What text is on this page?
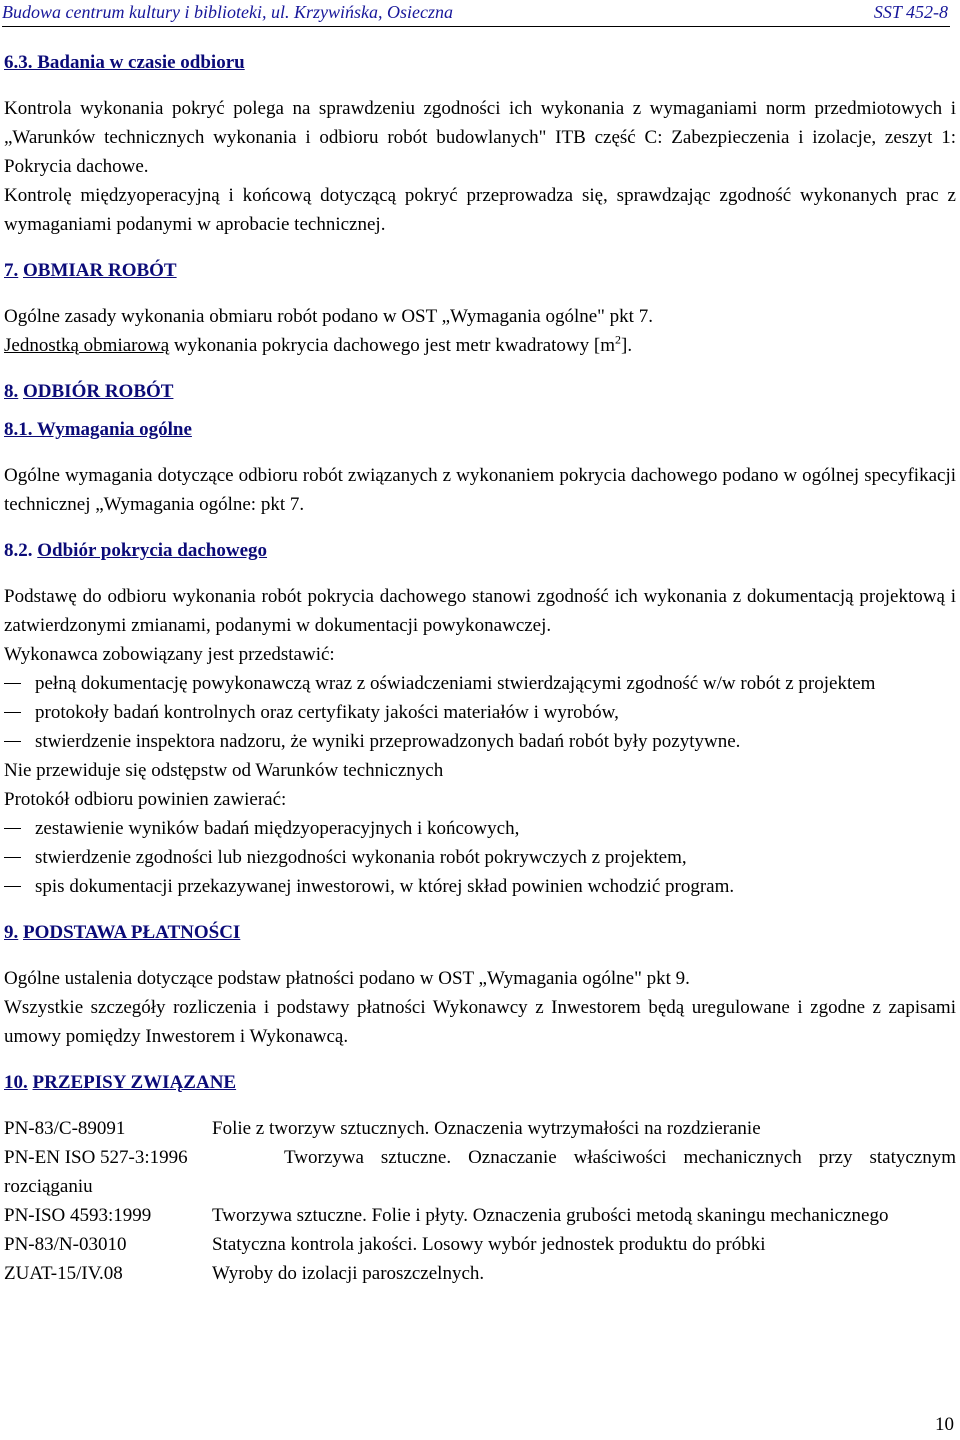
Budowa centrum kultury i biblioteki, ul. Krzywińska, Osieczna	SST 452-8

6.3. Badania w czasie odbioru

Kontrola wykonania pokryć polega na sprawdzeniu zgodności ich wykonania z wymaganiami norm przedmiotowych i „Warunków technicznych wykonania i odbioru robót budowlanych" ITB część C: Zabezpieczenia i izolacje, zeszyt 1: Pokrycia dachowe.

Kontrolę międzyoperacyjną i końcową dotyczącą pokryć przeprowadza się, sprawdzając zgodność wykonanych prac z wymaganiami podanymi w aprobacie technicznej.

7. OBMIAR ROBÓT

Ogólne zasady wykonania obmiaru robót podano w OST „Wymagania ogólne" pkt 7.

Jednostką obmiarową wykonania pokrycia dachowego jest metr kwadratowy $[m^2]$.

8. ODBIÓR ROBÓT

8.1. Wymagania ogólne

Ogólne wymagania dotyczące odbioru robót związanych z wykonaniem pokrycia dachowego podano w ogólnej specyfikacji technicznej „Wymagania ogólne: pkt 7.

8.2. Odbiór pokrycia dachowego

Podstawę do odbioru wykonania robót pokrycia dachowego stanowi zgodność ich wykonania z dokumentacją projektową i zatwierdzonymi zmianami, podanymi w dokumentacji powykonawczej.

Wykonawca zobowiązany jest przedstawić:

pełną dokumentację powykonawczą wraz z oświadczeniami stwierdzającymi zgodność w/w robót z projektem
protokoły badań kontrolnych oraz certyfikaty jakości materiałów i wyrobów,
stwierdzenie inspektora nadzoru, że wyniki przeprowadzonych badań robót były pozytywne.

Nie przewiduje się odstępstw od Warunków technicznych

Protokół odbioru powinien zawierać:

zestawienie wyników badań międzyoperacyjnych i końcowych,
stwierdzenie zgodności lub niezgodności wykonania robót pokrywczych z projektem,
spis dokumentacji przekazywanej inwestorowi, w której skład powinien wchodzić program.

9. PODSTAWA PŁATNOŚCI

Ogólne ustalenia dotyczące podstaw płatności podano w OST „Wymagania ogólne" pkt 9.

Wszystkie szczegóły rozliczenia i podstawy płatności Wykonawcy z Inwestorem będą uregulowane i zgodne z zapisami umowy pomiędzy Inwestorem i Wykonawcą.

10. PRZEPISY ZWIĄZANE

PN-83/C-89091	Folie z tworzyw sztucznych. Oznaczenia wytrzymałości na rozdzieranie

PN-EN ISO 527-3:1996	Tworzywa sztuczne. Oznaczanie właściwości mechanicznych przy statycznym rozciąganiu

PN-ISO 4593:1999	Tworzywa sztuczne. Folie i płyty. Oznaczenia grubości metodą skaningu mechanicznego

PN-83/N-03010	Statyczna kontrola jakości. Losowy wybór jednostek produktu do próbki

ZUAT-15/IV.08	Wyroby do izolacji paroszczelnych.

10
